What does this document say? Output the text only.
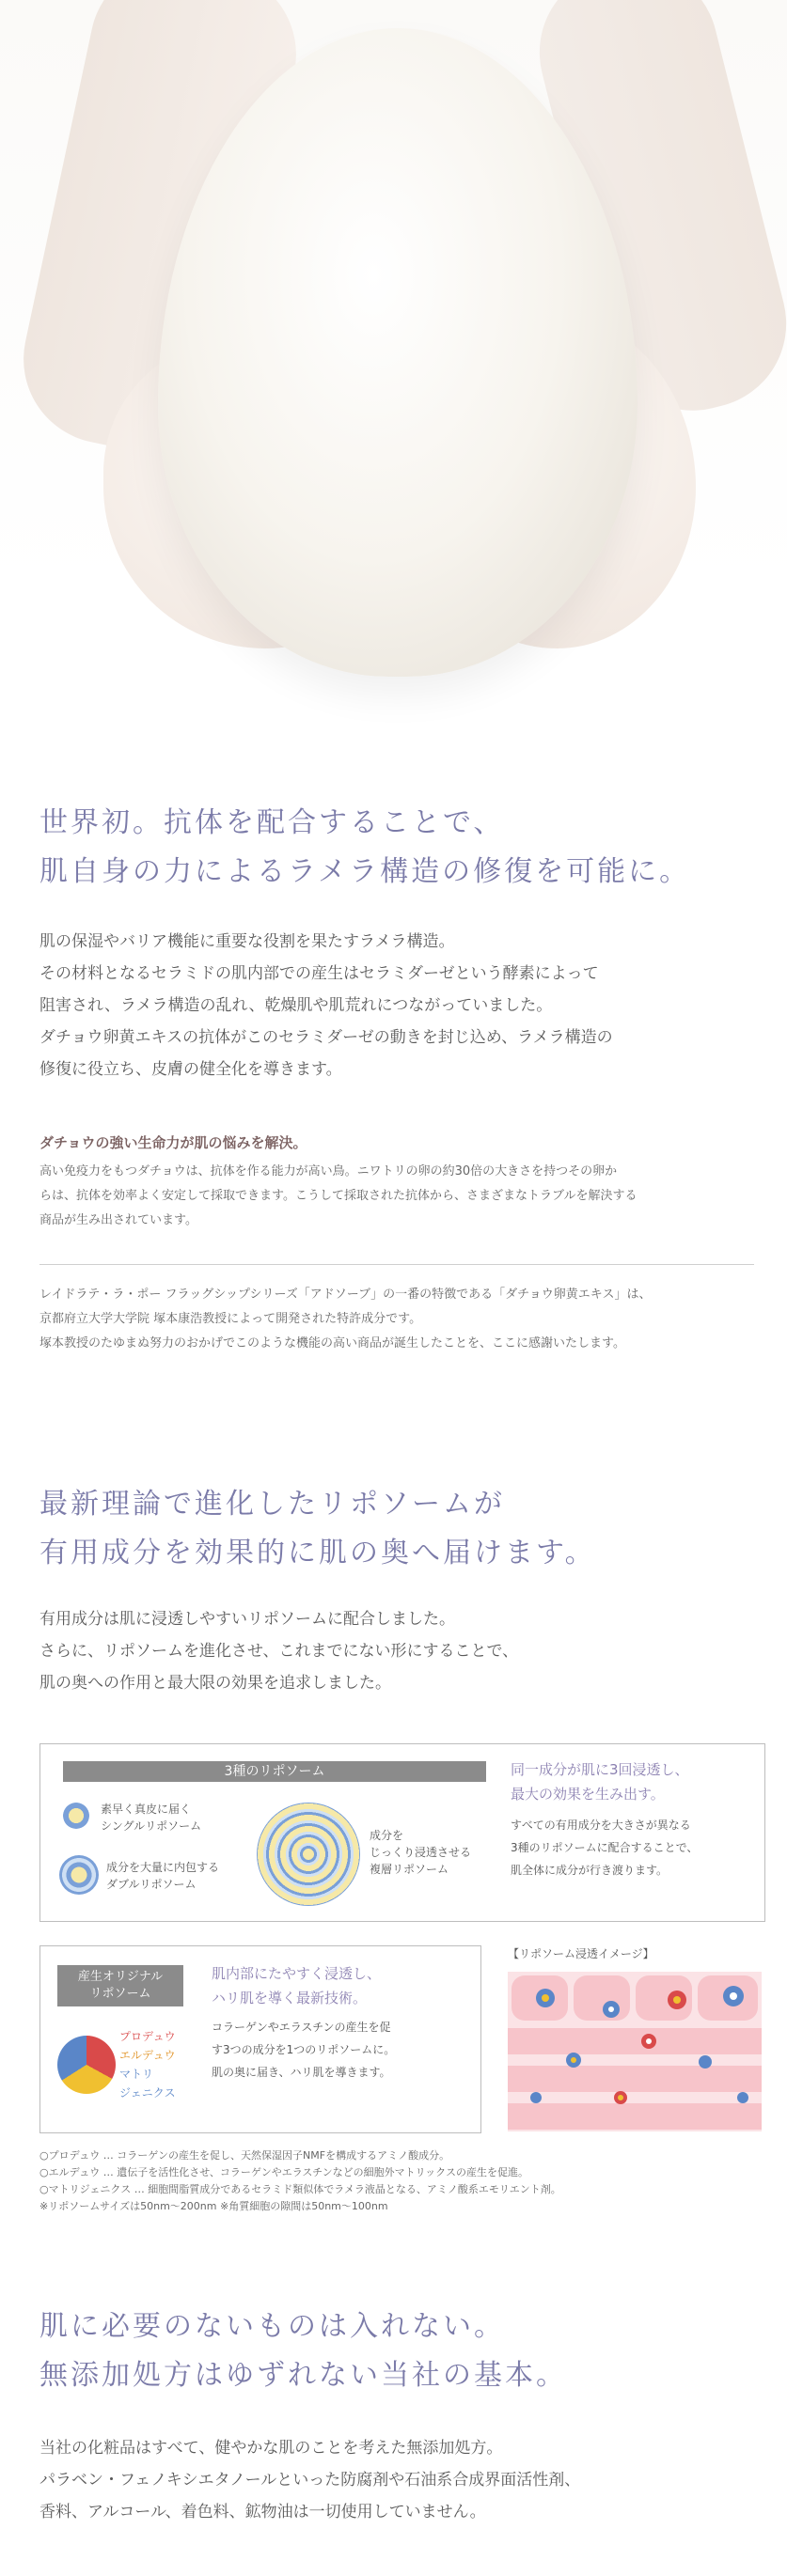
世界初。抗体を配合することで、

肌自身の力によるラメラ構造の修復を可能に。

肌の保湿やバリア機能に重要な役割を果たすラメラ構造。

その材料となるセラミドの肌内部での産生はセラミダーゼという酵素によって

阻害され、ラメラ構造の乱れ、乾燥肌や肌荒れにつながっていました。

ダチョウ卵黄エキスの抗体がこのセラミダーゼの動きを封じ込め、ラメラ構造の

修復に役立ち、皮膚の健全化を導きます。

ダチョウの強い生命力が肌の悩みを解決。

高い免疫力をもつダチョウは、抗体を作る能力が高い鳥。ニワトリの卵の約30倍の大きさを持つその卵か

らは、抗体を効率よく安定して採取できます。こうして採取された抗体から、さまざまなトラブルを解決する

商品が生み出されています。

レイドラテ・ラ・ポー フラッグシップシリーズ「アドソーブ」の一番の特徴である「ダチョウ卵黄エキス」は、

京都府立大学大学院 塚本康浩教授によって開発された特許成分です。

塚本教授のたゆまぬ努力のおかげでこのような機能の高い商品が誕生したことを、ここに感謝いたします。

最新理論で進化したリポソームが

有用成分を効果的に肌の奥へ届けます。

有用成分は肌に浸透しやすいリポソームに配合しました。

さらに、リポソームを進化させ、これまでにない形にすることで、

肌の奥への作用と最大限の効果を追求しました。

3種のリポソーム
素早く真皮に届く
シングルリポソーム
成分を大量に内包する
ダブルリポソーム
成分を
じっくり浸透させる
複層リポソーム
同一成分が肌に3回浸透し、
最大の効果を生み出す。
すべての有用成分を大きさが異なる
3種のリポソームに配合することで、
肌全体に成分が行き渡ります。
産生オリジナル
リポソーム
プロデュウ
エルデュウ
マトリ
ジェニクス
肌内部にたやすく浸透し、
ハリ肌を導く最新技術。
コラーゲンやエラスチンの産生を促
す3つの成分を1つのリポソームに。
肌の奥に届き、ハリ肌を導きます。
【リポソーム浸透イメージ】
○プロデュウ … コラーゲンの産生を促し、天然保湿因子NMFを構成するアミノ酸成分。
○エルデュウ … 遺伝子を活性化させ、コラーゲンやエラスチンなどの細胞外マトリックスの産生を促進。
○マトリジェニクス … 細胞間脂質成分であるセラミド類似体でラメラ液晶となる、アミノ酸系エモリエント剤。
※リポソームサイズは50nm〜200nm ※角質細胞の隙間は50nm〜100nm

肌に必要のないものは入れない。

無添加処方はゆずれない当社の基本。

当社の化粧品はすべて、健やかな肌のことを考えた無添加処方。

パラベン・フェノキシエタノールといった防腐剤や石油系合成界面活性剤、

香料、アルコール、着色料、鉱物油は一切使用していません。
